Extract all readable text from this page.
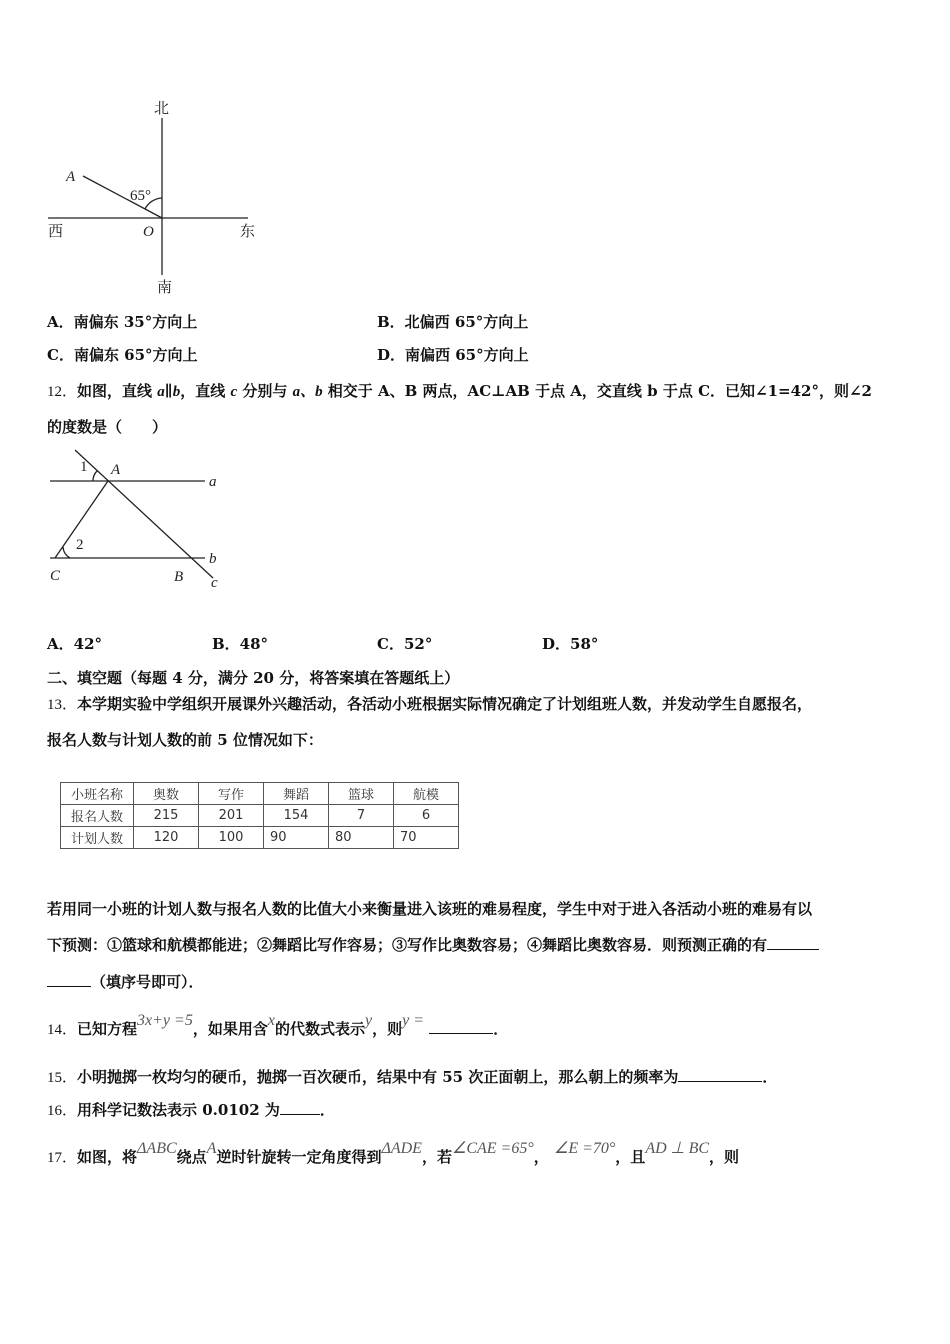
北
西	O	东
南
A
65°
1 A
a
2
C	B
b
c
A．南偏东 35°方向上	B．北偏西 65°方向上
C．南偏东 65°方向上	D．南偏西 65°方向上
12．如图，直线 a∥b，直线 c 分别与 a、b 相交于 A、B 两点，AC⊥AB 于点 A，交直线 b 于点 C．已知∠1=42°，则∠2
的度数是（　　）
A．42°	B．48°	C．52°	D．58°
二、填空题（每题 4 分，满分 20 分，将答案填在答题纸上）
13．本学期实验中学组织开展课外兴趣活动，各活动小班根据实际情况确定了计划组班人数，并发动学生自愿报名，
报名人数与计划人数的前 5 位情况如下：
小班名称	奥数	写作	舞蹈	篮球	航模
报名人数	215	201	154	7	6
计划人数	120	100	90	80	70
若用同一小班的计划人数与报名人数的比值大小来衡量进入该班的难易程度，学生中对于进入各活动小班的难易有以
下预测：①篮球和航模都能进；②舞蹈比写作容易；③写作比奥数容易；④舞蹈比奥数容易．则预测正确的有
（填序号即可）．
14．已知方程3x+y =5，如果用含x的代数式表示y，则y =	．
15．小明抛掷一枚均匀的硬币，抛掷一百次硬币，结果中有 55 次正面朝上，那么朝上的频率为	．
16．用科学记数法表示 0.0102 为	．
17．如图，将ΔABC绕点A逆时针旋转一定角度得到ΔADE，若∠CAE =65°， ∠E =70°，且AD ⊥ BC，则
